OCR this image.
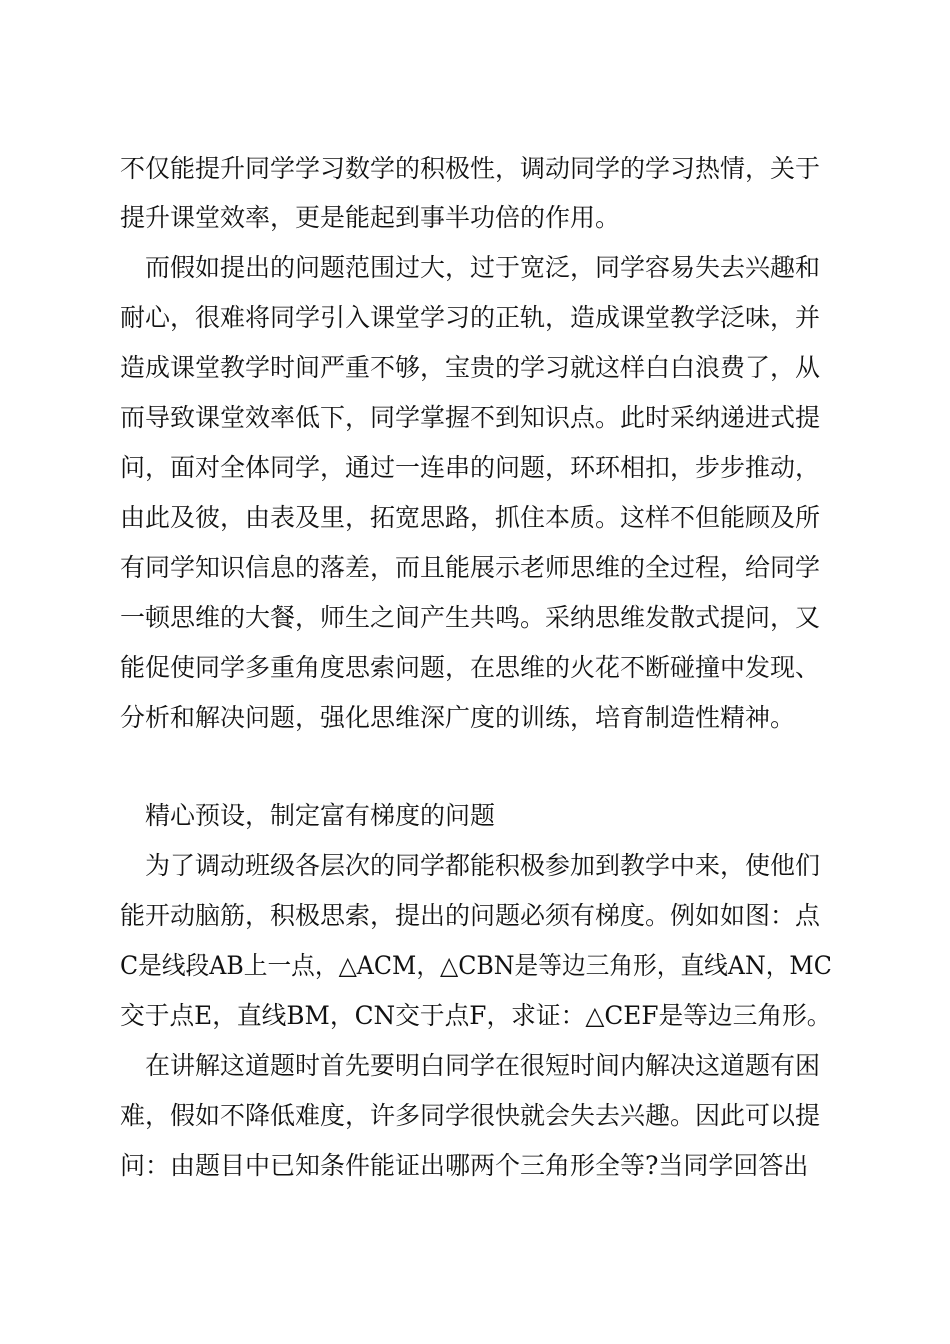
不仅能提升同学学习数学的积极性，调动同学的学习热情，关于
提升课堂效率，更是能起到事半功倍的作用。
而假如提出的问题范围过大，过于宽泛，同学容易失去兴趣和
耐心，很难将同学引入课堂学习的正轨，造成课堂教学泛味，并
造成课堂教学时间严重不够，宝贵的学习就这样白白浪费了，从
而导致课堂效率低下，同学掌握不到知识点。此时采纳递进式提
问，面对全体同学，通过一连串的问题，环环相扣，步步推动，
由此及彼，由表及里，拓宽思路，抓住本质。这样不但能顾及所
有同学知识信息的落差，而且能展示老师思维的全过程，给同学
一顿思维的大餐，师生之间产生共鸣。采纳思维发散式提问，又
能促使同学多重角度思索问题，在思维的火花不断碰撞中发现、
分析和解决问题，强化思维深广度的训练，培育制造性精神。
精心预设，制定富有梯度的问题
为了调动班级各层次的同学都能积极参加到教学中来，使他们
能开动脑筋，积极思索，提出的问题必须有梯度。例如如图：点
C是线段AB上一点，△ACM，△CBN是等边三角形，直线AN，MC
交于点E，直线BM，CN交于点F，求证：△CEF是等边三角形。
在讲解这道题时首先要明白同学在很短时间内解决这道题有困
难，假如不降低难度，许多同学很快就会失去兴趣。因此可以提
问：由题目中已知条件能证出哪两个三角形全等?当同学回答出
